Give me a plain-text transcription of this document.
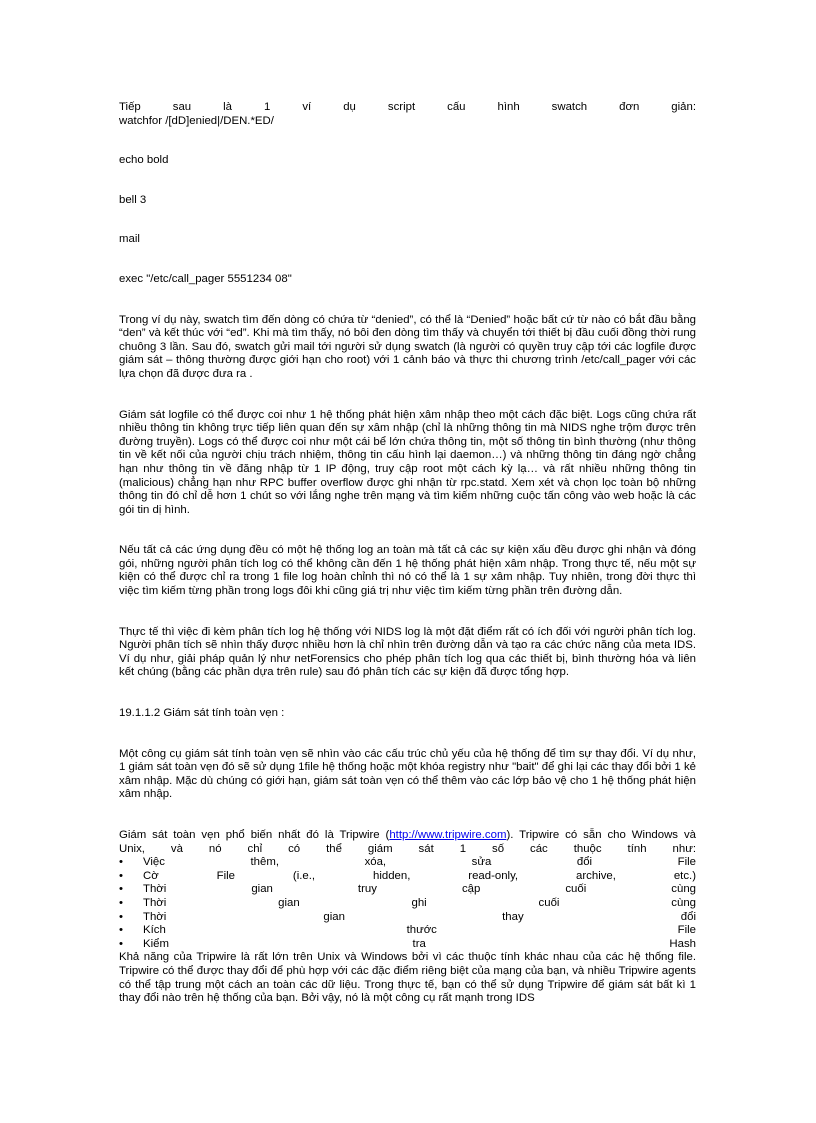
Tiếp sau là 1 ví dụ script cấu hình swatch đơn giản:

watchfor /[dD]enied|/DEN.*ED/

echo bold

bell 3

mail

exec "/etc/call_pager 5551234 08"

Trong ví dụ này, swatch tìm đến dòng có chứa từ “denied”, có thể là “Denied” hoặc bất cứ từ nào có bắt đầu bằng “den” và kết thúc với “ed”. Khi mà tìm thấy, nó bôi đen dòng tìm thấy và chuyển tới thiết bị đầu cuối đồng thời rung chuông 3 lần. Sau đó, swatch gửi mail tới người sử dụng swatch (là người có quyền truy cập tới các logfile được giám sát – thông thường được giới hạn cho root) với 1 cảnh báo và thực thi chương trình /etc/call_pager với các lựa chọn đã được đưa ra .

Giám sát logfile có thể được coi như 1 hệ thống phát hiện xâm nhập theo một cách đặc biệt. Logs cũng chứa rất nhiều thông tin không trực tiếp liên quan đến sự xâm nhập (chỉ là những thông tin mà NIDS nghe trộm được trên đường truyền). Logs có thể được coi như một cái bể lớn chứa thông tin, một số thông tin bình thường (như thông tin về kết nối của người chịu trách nhiệm, thông tin cấu hình lại daemon…) và những thông tin đáng ngờ chẳng hạn như thông tin về đăng nhập từ 1 IP động, truy cập root một cách kỳ lạ… và rất nhiều những thông tin (malicious) chẳng hạn như RPC buffer overflow được ghi nhận từ rpc.statd. Xem xét và chọn lọc toàn bộ những thông tin đó chỉ dễ hơn 1 chút so với lắng nghe trên mạng và tìm kiếm những cuộc tấn công vào web hoặc là các gói tin dị hình.

Nếu tất cả các ứng dụng đều có một hệ thống log an toàn mà tất cả các sự kiện xấu đều được ghi nhận và đóng gói, những người phân tích log có thể không cần đến 1 hệ thống phát hiện xâm nhập. Trong thực tế, nếu một sự kiện có thể được chỉ ra trong 1 file log hoàn chỉnh thì nó có thể là 1 sự xâm nhập. Tuy nhiên, trong đời thực thì việc tìm kiếm từng phần trong logs đôi khi cũng giá trị như việc tìm kiếm từng phần trên đường dẫn.

Thực tế thì việc đi kèm phân tích log hệ thống với NIDS log là một đặt điểm rất có ích đối với người phân tích log. Người phân tích sẽ nhìn thấy được nhiều hơn là chỉ nhìn trên đường dẫn và tạo ra các chức năng của meta IDS. Ví dụ như, giải pháp quản lý như netForensics cho phép phân tích log qua các thiết bị, bình thường hóa và liên kết chúng (bằng các phần dựa trên rule) sau đó phân tích các sự kiện đã được tổng hợp.

19.1.1.2 Giám sát tính toàn vẹn :

Một công cụ giám sát tính toàn vẹn sẽ nhìn vào các cấu trúc chủ yếu của hệ thống để tìm sự thay đổi. Ví dụ như, 1 giám sát toàn vẹn đó sẽ sử dụng 1file hệ thống hoặc một khóa registry như "bait" để ghi lại các thay đổi bởi 1 kẻ xâm nhập. Mặc dù chúng có giới hạn, giám sát toàn vẹn có thể thêm vào các lớp bảo vệ cho 1 hệ thống phát hiện xâm nhập.

Giám sát toàn vẹn phổ biến nhất đó là Tripwire (http://www.tripwire.com). Tripwire có sẵn cho Windows và

Unix, và nó chỉ có thể giám sát 1 số các thuộc tính như:

•	Việc thêm, xóa, sửa đổi File
•	Cờ File (i.e., hidden, read-only, archive, etc.)
•	Thời gian truy cập cuối cùng
•	Thời gian ghi cuối cùng
•	Thời gian thay đổi
•	Kích thước File
•	Kiểm tra Hash

Khả năng của Tripwire là rất lớn trên Unix và Windows bởi vì các thuộc tính khác nhau của các hệ thống file. Tripwire có thể được thay đổi để phù hợp với các đặc điểm riêng biệt của mạng của bạn, và nhiều Tripwire agents có thể tập trung một cách an toàn các dữ liệu. Trong thực tế, bạn có thể sử dụng Tripwire để giám sát bất kì 1 thay đổi nào trên hệ thống của bạn. Bởi vậy, nó là một công cụ rất mạnh trong IDS
